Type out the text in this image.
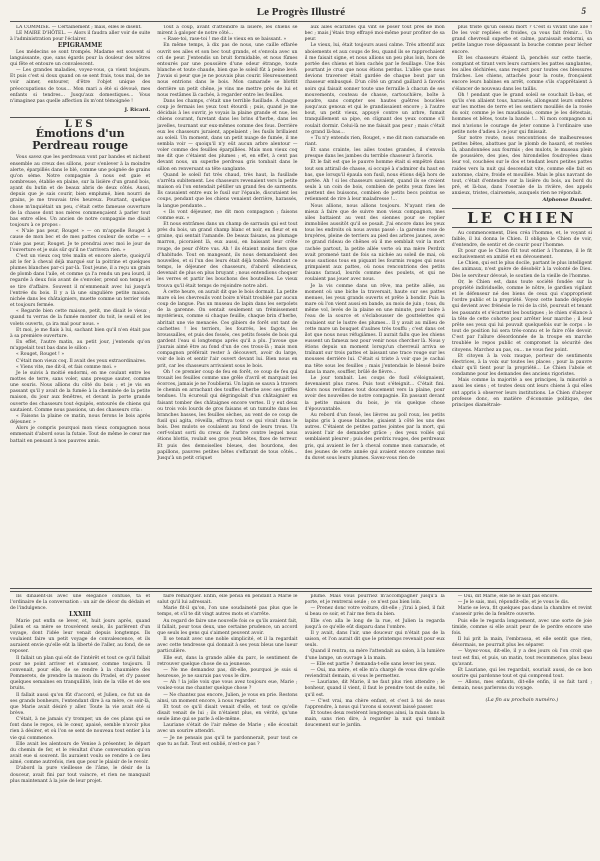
Le Progrès Illustré	5

LA COMMISE. — Certainement ; mais, elles le disent.

LE MAIRE D'HÔTEL. — Alors il faudra aller voir de suite à l'administration pour l'éclairer.

EPIGRAMME

Les médecins se sont trompés. Madame est souvent si languissante, que, sans égards pour la douleur des nôtres qui fête et entoure un convalescent.

— Les grandes maladies, voyez-vous, ça vient toujours. Et puis c'est si doux quand on se sent frais, tous mal, de ne voir aimer, entourer, d'être l'objet unique des préoccupations de tous… Mon mari a été si dévoué, mes enfants si tendres… Jusqu'aux domestiques… Vous n'imaginez pas quelle affection ils m'ont témoignée !

J. Ricard.
LES
Émotions d'un Perdreau rouge

Vous savez que les perdreaux vont par bandes et nichent ensemble au creux des sillons, pour s'enlever à la moindre alerte, éparpillés dans le blé, comme une poignée de grains qu'on sème. Notre compagnie à nous est gaie et nombreuse, établie en plaine, sur la lisière d'un grand bois, ayant du butin et de beaux abris de deux côtés. Aussi, depuis que je sais courir, bien emplumé, bien nourri de grains, je me trouvais très heureux. Pourtant, quelque chose m'inquiétait un peu, c'était cette fameuse ouverture de la chasse dont nos mères commençaient à parler tout bas entre elles. Un ancien de notre compagnie me disait toujours à ce propos :

« N'aie pas peur, Rouget » — on m'appelle Rouget à cause de mon bec et de mes pattes couleur de sorbe — « n'aie pas peur, Rouget. Je te prendrai avec moi le jour de l'ouverture et je suis sûr qu'il ne t'arrivera rien. »

C'est un vieux coq très malin et encore alerte, quoiqu'il ait le fer à cheval déjà marqué sur la poitrine et quelques plumes blanches par-ci par-là. Tout jeune, il a reçu un grain de plomb dans l'aile, et comme ça l'a rendu un peu lourd, il regarde à deux fois avant de s'envoler, prend son temps et se tire d'affaire. Souvent il m'emmenait avec lui jusqu'à l'entrée du bois. Il y a là une singulière petite maison, nichée dans les châtaigniers, muette comme un terrier vide et toujours fermée.

« Regarde bien cette maison, petit, me disait le vieux ; quand tu verras de la fumée monter du toit, le seuil et les volets ouverts, ça ira mal pour nous. »

Et moi, je me fiais à lui, sachant bien qu'il n'en était pas à sa première ouverture.

En effet, l'autre matin, au petit jour, j'entends qu'on m'appelait tout bas dans le sillon :

« Rouget, Rouget ! »

C'était mon vieux coq. Il avait des yeux extraordinaires.

« Viens vite, me dit-il, et fais comme moi. »

Je le suivis à moitié endormi, en me coulant entre les mottes de terre, sans voler, sans presque sauter, comme une souris. Nous allions du côté du bois ; et je vis en passant qu'il y avait de la fumée à la cheminée de la petite maison, du jour aux fenêtres, et devant la porte grande ouverte des chasseurs tout équipés, entourés de chiens qui sautaient. Comme nous passions, un des chasseurs cria :

« Faisons la plaine ce matin, nous ferons le bois après déjeuner. »

Alors je compris pourquoi mon vieux compagnon nous emmenait d'abord sous la futaie. Tout de même le cœur me battait en pensant à nos pauvres amis.

Tout à coup, avant d'atteindre la lisière, les chiens se mirent à galoper de notre côté…

« Rase-toi, rase-toi ! me dit le vieux en se baissant. »

En même temps, à dix pas de nous, une caille effarée ouvrit ses ailes et son bec tout grands, et s'envola avec un cri de peur. J'entendis un bruit formidable, et nous fûmes entourés par une poussière d'une odeur étrange, toute blanche et toute chaude, bien que le soleil fût à peine levé. J'avais si peur que je ne pouvais plus courir. Heureusement nous entrions dans le bois. Mon camarade se blottit derrière un petit chêne, je vins me mettre près de lui et nous restâmes là cachés, à regarder entre les feuilles.

Dans les champs, c'était une terrible fusillade. À chaque coup je fermais les yeux tout étourdi ; puis, quand je me décidais à les ouvrir, je voyais la plaine grande et nue, les chiens courant, furetant dans les brins d'herbe, dans les javelles, tournant sur eux-mêmes comme des fous. Derrière eux les chasseurs juraient, appelaient ; les fusils brillaient au soleil. Un moment, dans un petit nuage de fumée, il me sembla voir — quoiqu'il n'y eût aucun arbre alentour — voler comme des feuilles éparpillées. Mais mon vieux coq me dit que c'étaient des plumes ; et, en effet, à cent pas devant nous, un superbe perdreau gris tombait dans le sillon en renversant sa tête sanglante.

Quand le soleil fut très chaud, très haut, la fusillade s'arrêta subitement. Les chasseurs revenaient vers la petite maison où l'on entendait pétiller un grand feu de sarments. Ils causaient entre eux le fusil sur l'épaule, discutaient les coups, pendant que les chiens venaient derrière, harassés, la langue pendante…

« Ils vont déjeuner, me dit mon compagnon ; faisons comme eux. »

Et nous entrâmes dans un champ de sarrasin qui est tout près du bois, un grand champ blanc et noir, en fleur et en graine, qui sentait l'amande. De beaux faisans, au plumage marron, picoraient là, eux aussi, en baissant leur crête rouge, de peur d'être vus. Ah ! ils étaient moins fiers que d'habitude. Tout en mangeant, ils nous demandaient des nouvelles, et si l'un des leurs était déjà tombé. Pendant ce temps, le déjeuner des chasseurs, d'abord silencieux, devenait de plus en plus bruyant ; nous entendions choquer les verres et partir les bouchons des bouteilles. Le vieux trouva qu'il était temps de rejoindre notre abri.

À cette heure, on aurait dit que le bois dormait. La petite mare où les chevreuils vont boire n'était troublée par aucun coup de langue. Pas un museau de lapin dans les serpolets de la garenne. On sentait seulement un frémissement mystérieux, comme si chaque feuille, chaque brin d'herbe, abritait une vie menacée. Ces gibiers de forêt ont tant de cachettes ! les terriers, les fourrés, les fagots, les broussailles, et puis des fossés, ces petits fossés de bois qui gardent l'eau si longtemps après qu'il a plu. J'avoue que j'aurais aimé être au fond d'un de ces trous-là ; mais mon compagnon préférait rester à découvert, avoir du large, voir de loin et sentir l'air ouvert devant lui. Bien nous en prit, car les chasseurs arrivaient sous le bois.

Oh ! ce premier coup de feu en forêt, ce coup de feu qui trouait les feuilles comme une grêle d'avril et marquait les écorces, jamais je ne l'oublierai. Un lapin se sauva à travers le chemin en arrachant des touffes d'herbe avec ses griffes tendues. Un écureuil qui dégringolait d'un châtaignier en faisant tomber des châtaignes encore vertes. Il y eut deux ou trois vols lourds de gros faisans et un tumulte dans les branches basses, les feuilles sèches, au vent de ce coup de fusil qui agita, réveilla, effraya tout ce qui vivait dans le bois. Des mulots se coulaient au fond de leurs trous. Un cerf-volant sorti du creux de l'arbre contre lequel nous étions blottis, roulait ses gros yeux bêtes, fixes de terreur. Et puis des demoiselles bleues, des bourdons, des papillons, pauvres petites bêtes s'effarant de tous côtés… Jusqu'à un petit criquet

aux ailes écarlates qui vint se poser tout près de mon bec ; mais j'étais trop effrayé moi-même pour profiter de sa peur.

Le vieux, lui, était toujours aussi calme. Très attentif aux aboiements et aux coups de feu, quand ils se rapprochaient il me faisait signe, et nous allions un peu plus loin, hors de portée des chiens et bien cachés par le feuillage. Une fois pourtant je crus que nous étions perdus. L'allée que nous devions traverser était gardée de chaque bout par un chasseur embusqué. D'un côté un grand gaillard à favoris noirs qui faisait sonner toute une ferraille à chacun de ses mouvements, couteau de chasse, cartouchière, boîte à poudre, sans compter ses hautes guêtres bouclées jusqu'aux genoux et qui le grandissaient encore ; à l'autre bout, un petit vieux, appuyé contre un arbre, fumait tranquillement sa pipe, en clignant des yeux comme s'il voulait dormir. Celui-là ne me faisait pas peur ; mais c'était ce grand là-bas…

« Tu n'y entends rien, Rouget, » me dit mon camarade en riant.

Et sans crainte, les ailes toutes grandes, il s'envola presque dans les jambes du terrible chasseur à favoris.

Et le fait est que le pauvre homme était si empêtré dans tout son attirail de chasse, si occupé à s'admirer du haut en bas, que lorsqu'il épaula son fusil, nous étions déjà hors de portée. Ah ! si les chasseurs savaient, quand ils se croient seuls à un coin de bois, combien de petits yeux fixes les guettent des buissons, combien de petits becs pointus se retiennent de rire à leur maladresse !…

Nous allions, nous allions toujours. N'ayant rien de mieux à faire que de suivre mon vieux compagnon, mes ailes battaient au vent des siennes pour se replier immobiles aussitôt qu'il se posait. J'ai encore dans les yeux tous les endroits où nous avons passé : la garenne rose de bruyères, pleine de terriers au pied des arbres jaunes, avec ce grand rideau de chênes où il me semblait voir la mort cachée partout, la petite allée verte où ma mère Perdrix avait promené tant de fois sa nichée au soleil de mai, où nous sautions tous en piquant les fourmis rouges qui nous grimpaient aux pattes, où nous rencontrions des petits faisans faraud, lourds comme des poulets, et qui ne voulaient pas jouer avec nous.

Je la vis comme dans un rêve, ma petite allée, au moment où une biche la traversait, haute sur ses pattes menues, les yeux grands ouverts et prête à bondir. Puis la mare où l'on vient aussi en bande, au mois de juin ; tous, du même vol, levés de la plaine en une minute, pour boire à l'eau de la source et s'éclabousser de gouttelettes qui roulaient sur le lustre des plumes… Il y avait au milieu de cette mare un bouquet d'aulnes très touffu ; c'est dans cet îlot que nous nous réfugiâmes. Il aurait fallu que les chiens eussent un fameux nez pour venir nous chercher là. Nous y étions depuis un moment lorsqu'un chevreuil arriva se traînant sur trois pattes et laissant une trace rouge sur les mousses derrière lui. C'était si triste à voir que je cachai ma tête sous les feuilles ; mais j'entendais le blessé boire dans la mare, souffler, brûlé de fièvre…

Le jour tombait. Les coups de fusil s'éloignaient, devenaient plus rares. Puis tout s'éteignit… C'était fini. Alors nous revînmes tout doucement vers la plaine, pour avoir des nouvelles de notre compagnie. En passant devant la petite maison du bois, je vis quelque chose d'épouvantable.

Au rebord d'un fossé, les lièvres au poil roux, les petits lapins gris à queue blanche, gisaient à côté les uns des autres. C'étaient de petites pattes jointes par la mort, qui avaient l'air de demander grâce ; des yeux voilés qui semblaient pleurer ; puis des perdrix rouges, des perdreaux gris, qui avaient le fer à cheval comme mon camarade, et des jeunes de cette année qui avaient encore comme moi du duvet sous leurs plumes. Savez-vous rien de

plus triste qu'un oiseau mort ? C'est si vivant une aile ! De les voir repliées et froides, ça vous fait frémir… Un grand chevreuil superbe et calme, paraissait endormi, sa petite langue rose dépassant la bouche comme pour lécher encore.

Et les chasseurs étaient là, penchés sur cette tuerie, comptant et tirant vers leurs carniers les pattes sanglantes, les ailes déchirées, sans respect pour toutes ces blessures fraîches. Les chiens, attachés pour la route, fronçaient encore leurs babines en arrêt, comme s'ils s'apprêtaient à s'élancer de nouveau dans les taillis.

Oh ! pendant que le grand soleil se couchait là-bas, et qu'ils s'en allaient tous, harassés, allongeant leurs ombres sur les mottes de terre et les sentiers mouillés de la rosée du soir, comme je les maudissais, comme je les détestais, hommes et bêtes, toute la bande !… Ni mon compagnon ni moi n'avions le courage de jeter comme à l'ordinaire une petite note d'adieu à ce jour qui finissait.

Sur notre route, nous rencontrions de malheureuses petites bêtes, abattues par le plomb de hasard, et restées là, abandonnées aux fourmis ; des mulots, le museau plein de poussière, des pies, des hirondelles foudroyées dans leur vol, couchées sur le dos et tendant leurs petites pattes raides vers la nuit qui descendait vite, comme elle fait en automne, claire, froide et mouillée. Mais le plus navrant de tout, c'était d'entendre sur la lisière du bois, au bord du pré, et là-bas, dans l'oseraie de la rivière, des appels anxieux, tristes, clairsemés, auxquels rien ne répondait.

Alphonse Daudet.
LE CHIEN

Au commencement, Dieu créa l'homme, et, le voyant si faible, il lui donna le Chien. Il obligea le Chien de voir, d'entendre, de sentir et de courir pour l'homme.

Et pour que le Chien fût tout entier à l'homme, il le fit exclusivement en amitié et en dévouement.

Le Chien, qui est le plus docile, partant le plus intelligent des animaux, n'est guère de désobéir à la volonté de Dieu. Dès le serviteur dévoué, le soutien de la vieille de l'homme.

Or, le Chien est, dans toute société fondée sur la propriété individuelle, comme le nôtre, le gardien vigilant et le défenseur né des biens de ceux qui s'approprient l'ordre public et la propriété. Voyez cette bande déployée qui devient avec frénésie le roi de la cité, poursuit et tenant les passants et s'écartent les boutiques ; le chien s'élance à la tête de cette cohorte pour arrêter leur marche ; il leur prête ses yeux qui lui pouvait quelquefois sur le corps : le tout de position lui sera très-connu et le faire rôle devoir. C'est par l'allure désordonnée de la troupe en marche troublée le repos public et compromet la sécurité des citoyens. Marchez au pas, ou… ne vous fiez point.

Et citoyen à la voix rauque, porteur de sentiments électrices, à la voix sur toutes les places ; pour la pauvre chair qu'il tient pour la propriété… Le Chien l'aboie et condamne pour les demandes des anciens rigoristes.

Mais comme la majorité a ses principes, la minorité a aussi les siens ; et toutes deux ont leurs chiens à qui elles ont appris à observer leurs institutions. Le Chien d'aboyer professe donc, en matière d'économie politique, des principes diamétrale-

Ils dînaient-ils avec une élégance confuse, ta et l'ordinaire de la conversation : un air de décor du dédain et de l'indulgence.

LXXIII

Marie put enfin se lever, et, huit jours après, quand Julien et sa mère se trouvèrent seuls, ils parlèrent d'un voyage, dont l'idée leur venait depuis longtemps. Ils voulaient faire un petit voyage de convalescence, et ils auraient envie qu'elle eût la liberté de l'aller, au fond, de se reposer.

Il fallait un plan qui eût de l'intérêt et tout ce qu'il fallait pour ne point arriver et s'amuser, comme toujours. Il convenait, pour elle, de se rendre à la chaumière des Pommerets, de prendre la maison du Pradel, et d'y passer quelques semaines en tranquillité, loin de la ville et de ses bruits.

Il fallait aussi qu'on fût d'accord, et Julien, ce fut un de ses grands bonheurs, l'entendant dire à sa mère, ce soir-là, que Marie avait désiré y aller. Toute la vie avait été si brève.

C'était, à ne jamais s'y tromper, un de ces plans qui se font dans le repos, où le cœur, apaisé, semble n'avoir plus rien à désirer, et où l'on se sent de nouveau tout entier à la vie qui commence.

Elle avait les alentours de Venise à présenter, le départ du chemin de fer, et le résultat d'une conversation qu'on avait eue si souvent. Ils auraient voulu se rendre à ce lieu aimé, comme autrefois, rien que pour le plaisir de le revoir.

D'abord la pure vieillesse de l'âme, le désir de la douceur, avait fini par tout vaincre, et rien ne manquait plus maintenant à la joie de leur projet.

faire remarquer. Enfin, elle pensa en pendant à Marie le salut qu'il lui adressait.

Marie fit-il qu'on, l'on une soudaineté pas plus que le temps, et s'il te dit vingt autres mots et s'arrête.

Au regard de faire une nouvelle fois ce qu'ils avaient fait, il fallait, pour tous deux, une certaine prudence, un accord que seuls les gens qui s'aiment peuvent avoir.

Il se tenait avec une noble simplicité, et il la regardait avec cette tendresse qui donnait à ses yeux bleus une lueur particulière.

Elle eut, dans la grande allée du parc, le sentiment de retrouver quelque chose de sa jeunesse.

— Ne me demandez pas, dit-elle, pourquoi je suis si heureuse, je ne saurais pas vous le dire.

— Ah ! la jolie voix que vous avez toujours eue, Marie ; voulez-vous me chanter quelque chose ?

— Ne chantez pas encore, Julien, je vous en prie. Restons ainsi, un moment encore, à nous regarder.

Et tout ce qu'il disait venait d'elle, et tout ce qu'elle disait venait de lui ; ils n'étaient plus, en vérité, qu'une seule âme qui se parle à elle-même.

Lauriane s'était de l'air même de Marie ; elle écoutait avec un sourire attendri.

— Je ne pensais pas qu'il te pardonnerait, pour tout ce que tu as fait. Tout est oublié, n'est-ce pas ?

plume. Mais vous pourriez m'accompagner jusqu'à la porte, et je rentrerai seule ; ce n'est pas bien loin.

— Prenez donc votre voiture, dit-elle ; j'irai à pied, il fait si beau ce soir, et l'air me fera du bien.

Elle s'en alla le long de la rue, et Julien la regarda jusqu'à ce qu'elle eût disparu dans l'ombre.

Il y avait, dans l'air, une douceur qui n'était pas de la saison, et l'on aurait dit que le printemps revenait pour eux seuls.

Quand il rentra, sa mère l'attendait au salon, à la lumière d'une lampe, un ouvrage à la main.

— Elle est partie ? demanda-t-elle sans lever les yeux.

— Oui, ma mère, et elle m'a chargé de vous dire qu'elle reviendrait demain, si vous le permettez.

— Lauriane, dit Marie, il ne faut plus rien attendre ; le bonheur, quand il vient, il faut le prendre tout de suite, tel qu'il est.

— C'est vrai, ma chère enfant, et c'est à toi de nous l'apprendre, à nous qui l'avons si souvent laissé passer.

Et toutes deux restèrent longtemps ainsi, la main dans la main, sans rien dire, à regarder la nuit qui tombait doucement sur le jardin.

— Oui, dit Marie, elle ne le sait pas encore.

— Je le sais, moi, répondit-elle, et je vous le dis.

Marie se leva, fit quelques pas dans la chambre et revint s'asseoir près de la fenêtre ouverte.

Puis elle le regarda longuement, avec une sorte de joie timide, comme si elle avait peur de le perdre encore une fois.

Il lui prit la main, l'embrassa, et elle sentit que rien, désormais, ne pourrait plus les séparer.

— Voyez-vous, dit-elle, il y a des jours où l'on croit que tout est fini, et puis, un matin, tout recommence, plus beau qu'avant.

Et Lauriane, qui les regardait, souriait aussi, de ce bon sourire qui pardonne tout et qui comprend tout.

— Allons, mes enfants, dit-elle enfin, il se fait tard ; demain, nous parlerons du voyage.

(La fin au prochain numéro.)
